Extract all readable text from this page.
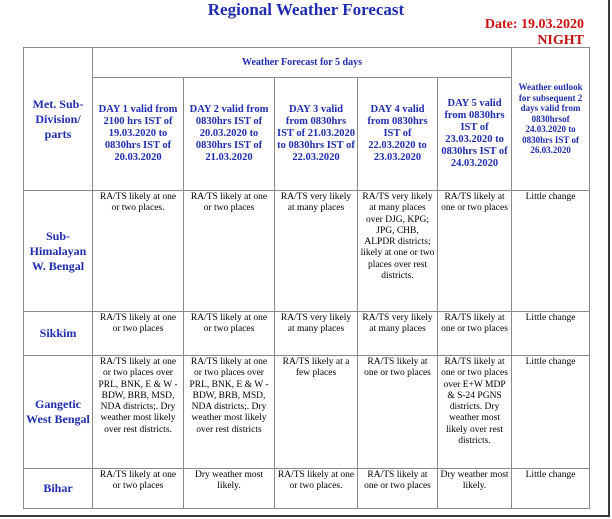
Regional Weather Forecast
Date: 19.03.2020
NIGHT
Met. Sub-Division/ parts	Weather Forecast for 5 days					Weather outlook for subsequent 2 days valid from 0830hrsof 24.03.2020 to 0830hrs IST of 26.03.2020
	DAY 1 valid from 2100 hrs IST of 19.03.2020 to 0830hrs IST of 20.03.2020	DAY 2 valid from 0830hrs IST of 20.03.2020 to 0830hrs IST of 21.03.2020	DAY 3 valid from 0830hrs IST of 21.03.2020 to 0830hrs IST of 22.03.2020	DAY 4 valid from 0830hrs IST of 22.03.2020 to 23.03.2020	DAY 5 valid from 0830hrs IST of 23.03.2020 to 0830hrs IST of 24.03.2020	
Sub-Himalayan W. Bengal	RA/TS likely at one or two places.	RA/TS likely at one or two places	RA/TS very likely at many places	RA/TS very likely at many places over DJG, KPG; JPG, CHB, ALPDR districts; likely at one or two places over rest districts.	RA/TS likely at one or two places	Little change
Sikkim	RA/TS likely at one or two places	RA/TS likely at one or two places	RA/TS very likely at many places	RA/TS very likely at many places	RA/TS likely at one or two places	Little change
Gangetic West Bengal	RA/TS likely at one or two places over PRL, BNK, E & W -BDW, BRB, MSD, NDA districts;. Dry weather most likely over rest districts.	RA/TS likely at one or two places over PRL, BNK, E & W -BDW, BRB, MSD, NDA districts;. Dry weather most likely over rest districts	RA/TS likely at a few places	RA/TS likely at one or two places	RA/TS likely at one or two places over E+W MDP & S-24 PGNS districts. Dry weather most likely over rest districts.	Little change
Bihar	RA/TS likely at one or two places	Dry weather most likely.	RA/TS likely at one or two places.	RA/TS likely at one or two places	Dry weather most likely.	Little change
